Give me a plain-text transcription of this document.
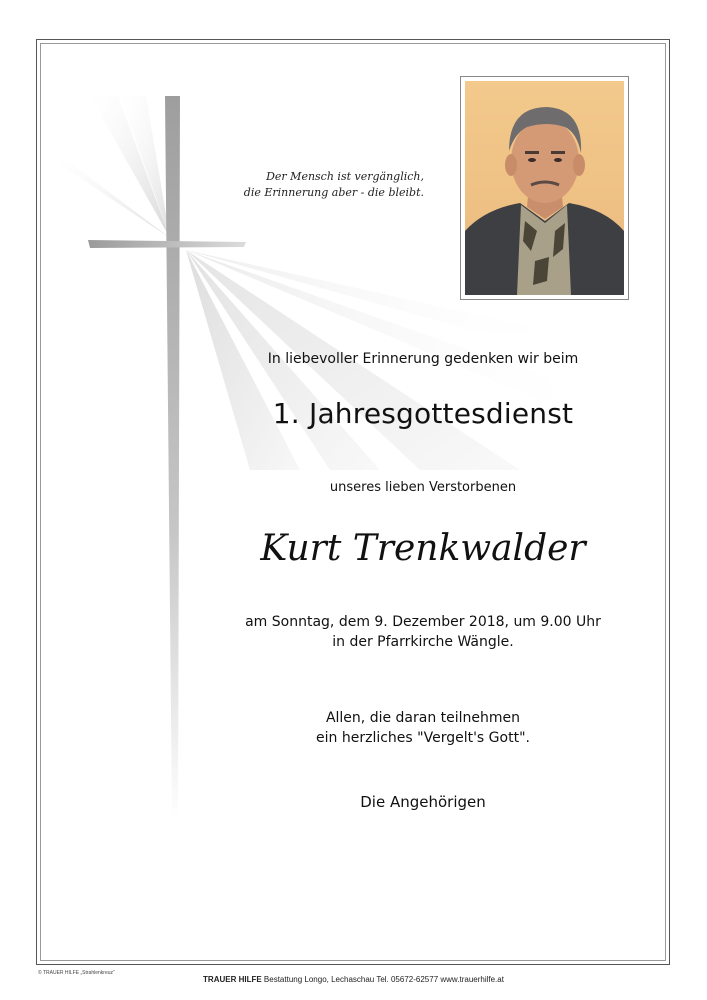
Der Mensch ist vergänglich,
die Erinnerung aber - die bleibt.
In liebevoller Erinnerung gedenken wir beim
1. Jahresgottesdienst
unseres lieben Verstorbenen
Kurt Trenkwalder
am Sonntag, dem 9. Dezember 2018, um 9.00 Uhr
in der Pfarrkirche Wängle.
Allen, die daran teilnehmen
ein herzliches "Vergelt's Gott".
Die Angehörigen
© TRAUER HILFE „Strahlenkreuz“
TRAUER HILFE Bestattung Longo, Lechaschau Tel. 05672-62577 www.trauerhilfe.at
